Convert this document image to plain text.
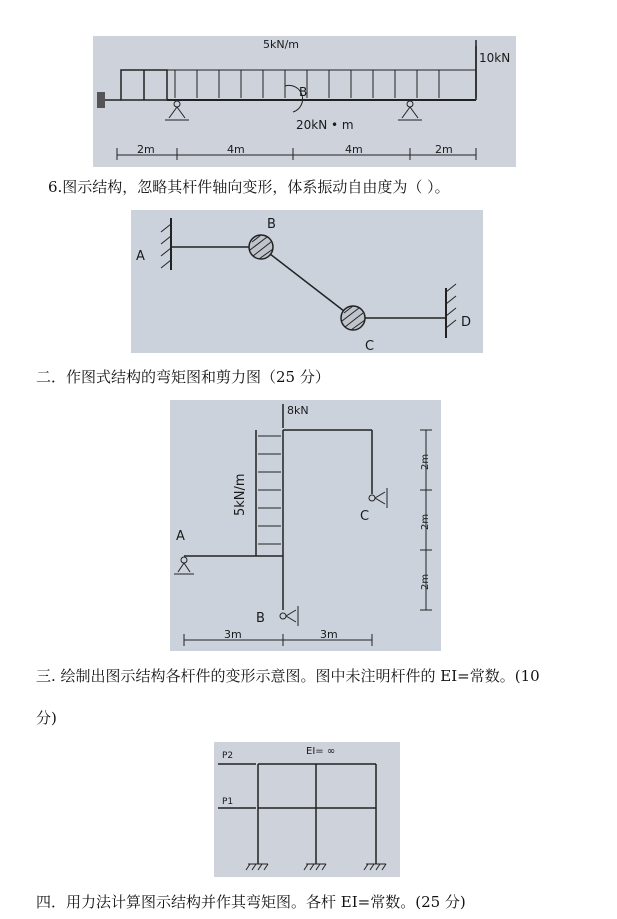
5kN/m
10kN
B
20kN • m
2m	4m	4m	2m
6.图示结构，忽略其杆件轴向变形，体系振动自由度为（ ）。
A
B
C
D
二．作图式结构的弯矩图和剪力图（25 分）
8kN
5kN/m
A
B
C
2m
2m
2m
3m	3m
三. 绘制出图示结构各杆件的变形示意图。图中未注明杆件的 EI=常数。(10
分)
EI= ∞
P2
P1
四．用力法计算图示结构并作其弯矩图。各杆 EI=常数。(25 分)
